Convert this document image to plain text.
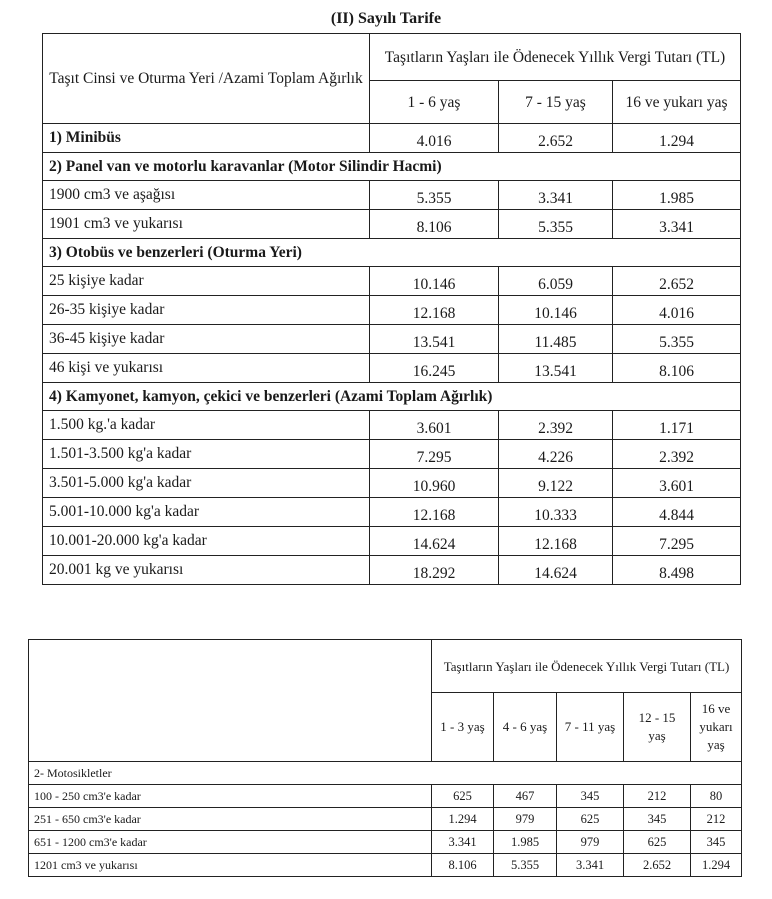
(II) Sayılı Tarife
Taşıt Cinsi ve Oturma Yeri /Azami Toplam Ağırlık	Taşıtların Yaşları ile Ödenecek Yıllık Vergi Tutarı (TL)		
	1 - 6 yaş	7 - 15 yaş	16 ve yukarı yaş
1) Minibüs	4.016	2.652	1.294
2) Panel van ve motorlu karavanlar (Motor Silindir Hacmi)			
1900 cm3 ve aşağısı	5.355	3.341	1.985
1901 cm3 ve yukarısı	8.106	5.355	3.341
3) Otobüs ve benzerleri (Oturma Yeri)			
25 kişiye kadar	10.146	6.059	2.652
26-35 kişiye kadar	12.168	10.146	4.016
36-45 kişiye kadar	13.541	11.485	5.355
46 kişi ve yukarısı	16.245	13.541	8.106
4) Kamyonet, kamyon, çekici ve benzerleri (Azami Toplam Ağırlık)			
1.500 kg.'a kadar	3.601	2.392	1.171
1.501-3.500 kg'a kadar	7.295	4.226	2.392
3.501-5.000 kg'a kadar	10.960	9.122	3.601
5.001-10.000 kg'a kadar	12.168	10.333	4.844
10.001-20.000 kg'a kadar	14.624	12.168	7.295
20.001 kg ve yukarısı	18.292	14.624	8.498
	Taşıtların Yaşları ile Ödenecek Yıllık Vergi Tutarı (TL)				
	1 - 3 yaş	4 - 6 yaş	7 - 11 yaş	12 - 15 yaş	16 ve yukarı yaş
2- Motosikletler					
100 - 250 cm3'e kadar	625	467	345	212	80
251 - 650 cm3'e kadar	1.294	979	625	345	212
651 - 1200 cm3'e kadar	3.341	1.985	979	625	345
1201 cm3 ve yukarısı	8.106	5.355	3.341	2.652	1.294
